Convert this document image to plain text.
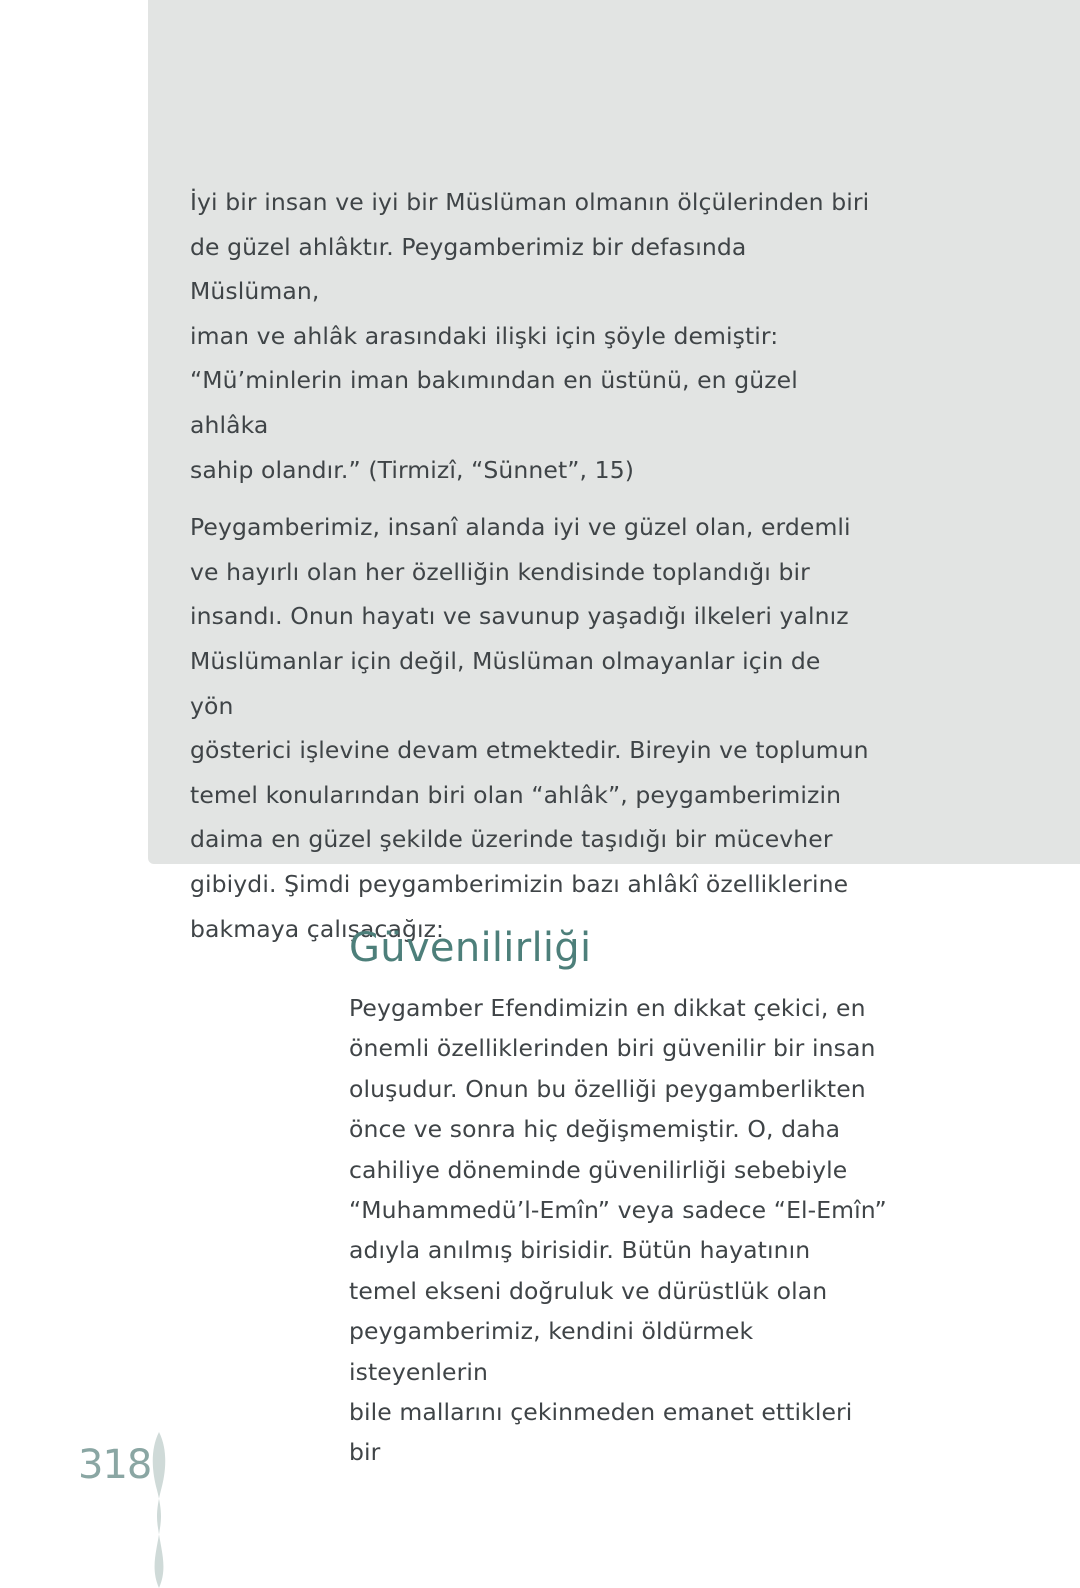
İyi bir insan ve iyi bir Müslüman olmanın ölçülerinden biri
de güzel ahlâktır. Peygamberimiz bir defasında Müslüman,
iman ve ahlâk arasındaki ilişki için şöyle demiştir:
“Mü’minlerin iman bakımından en üstünü, en güzel ahlâka
sahip olandır.” (Tirmizî, “Sünnet”, 15)

Peygamberimiz, insanî alanda iyi ve güzel olan, erdemli
ve hayırlı olan her özelliğin kendisinde toplandığı bir
insandı. Onun hayatı ve savunup yaşadığı ilkeleri yalnız
Müslümanlar için değil, Müslüman olmayanlar için de yön
gösterici işlevine devam etmektedir. Bireyin ve toplumun
temel konularından biri olan “ahlâk”, peygamberimizin
daima en güzel şekilde üzerinde taşıdığı bir mücevher
gibiydi. Şimdi peygamberimizin bazı ahlâkî özelliklerine
bakmaya çalışacağız:

Güvenilirliği

Peygamber Efendimizin en dikkat çekici, en
önemli özelliklerinden biri güvenilir bir insan
oluşudur. Onun bu özelliği peygamberlikten
önce ve sonra hiç değişmemiştir. O, daha
cahiliye döneminde güvenilirliği sebebiyle
“Muhammedü’l-Emîn” veya sadece “El-Emîn”
adıyla anılmış birisidir. Bütün hayatının
temel ekseni doğruluk ve dürüstlük olan
peygamberimiz, kendini öldürmek isteyenlerin
bile mallarını çekinmeden emanet ettikleri bir

318
